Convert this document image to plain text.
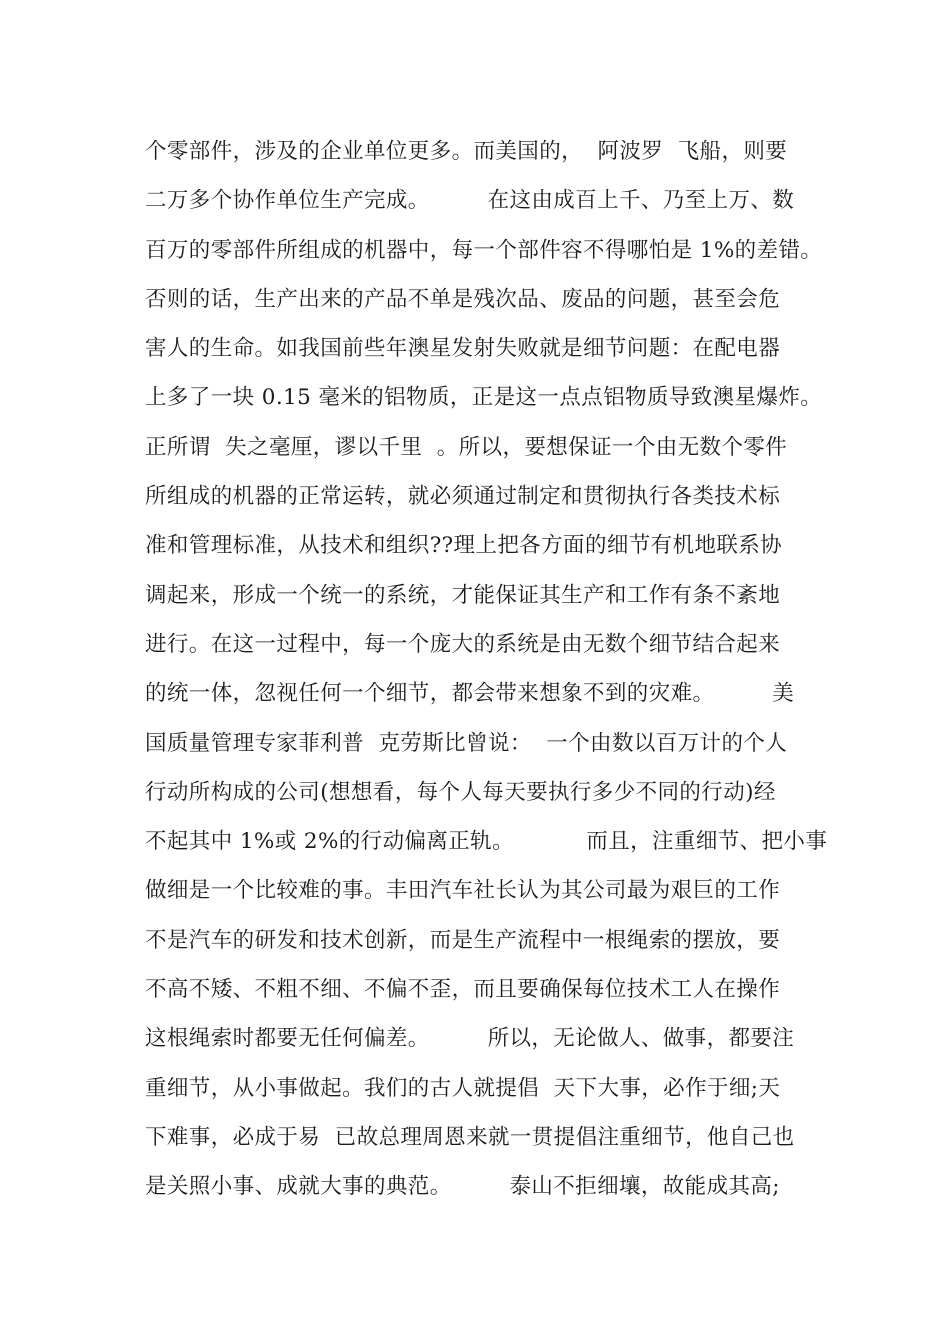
个零部件，涉及的企业单位更多。而美国的，  阿波罗  飞船，则要
二万多个协作单位生产完成。        在这由成百上千、乃至上万、数
百万的零部件所组成的机器中，每一个部件容不得哪怕是 1%的差错。
否则的话，生产出来的产品不单是残次品、废品的问题，甚至会危
害人的生命。如我国前些年澳星发射失败就是细节问题：在配电器
上多了一块 0.15 毫米的铝物质，正是这一点点铝物质导致澳星爆炸。
正所谓  失之毫厘，谬以千里  。所以，要想保证一个由无数个零件
所组成的机器的正常运转，就必须通过制定和贯彻执行各类技术标
准和管理标准，从技术和组织??理上把各方面的细节有机地联系协
调起来，形成一个统一的系统，才能保证其生产和工作有条不紊地
进行。在这一过程中，每一个庞大的系统是由无数个细节结合起来
的统一体，忽视任何一个细节，都会带来想象不到的灾难。        美
国质量管理专家菲利普  克劳斯比曾说：  一个由数以百万计的个人
行动所构成的公司(想想看，每个人每天要执行多少不同的行动)经
不起其中 1%或 2%的行动偏离正轨。          而且，注重细节、把小事
做细是一个比较难的事。丰田汽车社长认为其公司最为艰巨的工作
不是汽车的研发和技术创新，而是生产流程中一根绳索的摆放，要
不高不矮、不粗不细、不偏不歪，而且要确保每位技术工人在操作
这根绳索时都要无任何偏差。        所以，无论做人、做事，都要注
重细节，从小事做起。我们的古人就提倡  天下大事，必作于细;天
下难事，必成于易  已故总理周恩来就一贯提倡注重细节，他自己也
是关照小事、成就大事的典范。        泰山不拒细壤，故能成其高;
